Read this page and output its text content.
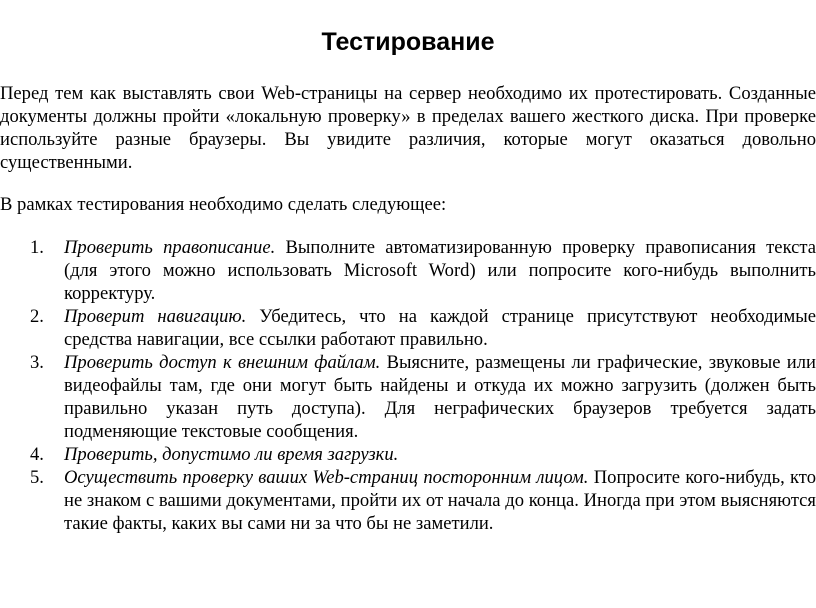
Тестирование

Перед тем как выставлять свои Web-страницы на сервер необходимо их протестировать. Созданные документы должны пройти «локальную проверку» в пределах вашего жесткого диска. При проверке используйте разные браузеры. Вы увидите различия, которые могут оказаться довольно существенными.

В рамках тестирования необходимо сделать следующее:

1. Проверить правописание. Выполните автоматизированную проверку правописания текста (для этого можно использовать Microsoft Word) или попросите кого-нибудь выполнить корректуру.
2. Проверит навигацию. Убедитесь, что на каждой странице присутствуют необходимые средства навигации, все ссылки работают правильно.
3. Проверить доступ к внешним файлам. Выясните, размещены ли графические, звуковые или видеофайлы там, где они могут быть найдены и откуда их можно загрузить (должен быть правильно указан путь доступа). Для неграфических браузеров требуется задать подменяющие текстовые сообщения.
4. Проверить, допустимо ли время загрузки.
5. Осуществить проверку ваших Web-страниц посторонним лицом. Попросите кого-нибудь, кто не знаком с вашими документами, пройти их от начала до конца. Иногда при этом выясняются такие факты, каких вы сами ни за что бы не заметили.
